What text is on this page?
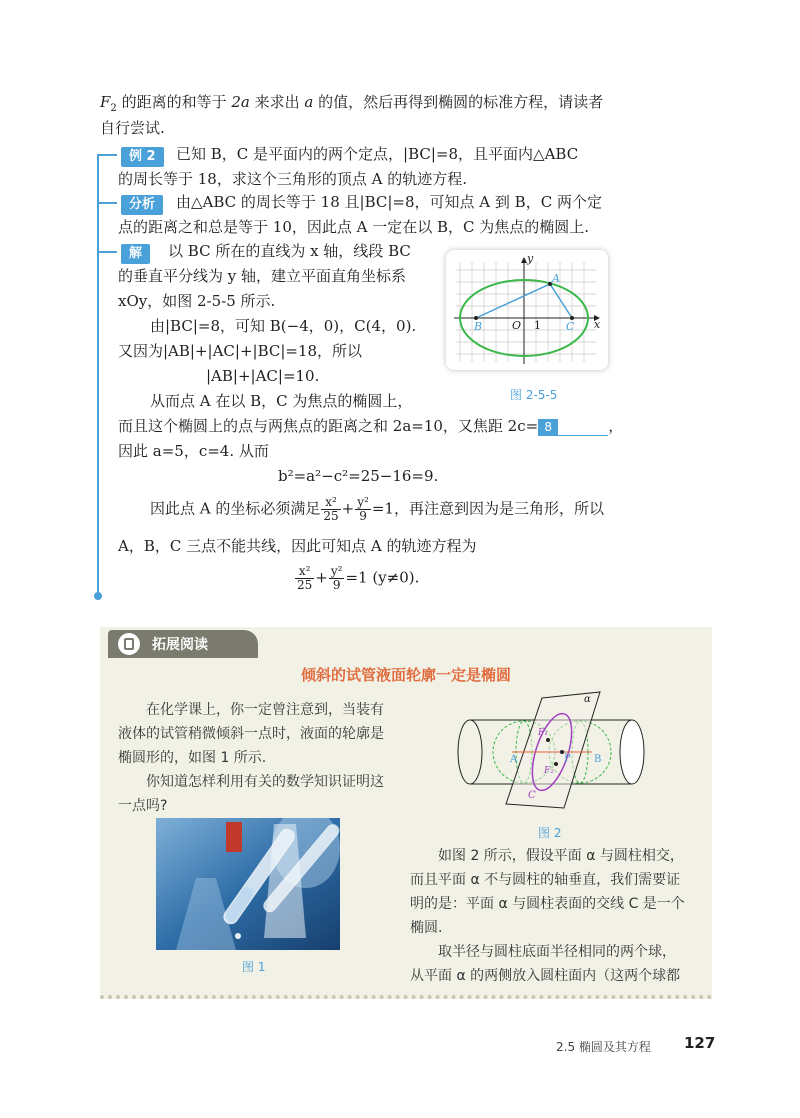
$F_2$ 的距离的和等于 2a 来求出 a 的值，然后再得到椭圆的标准方程，请读者
自行尝试.
例 2	已知 B，C 是平面内的两个定点，|BC|=8，且平面内△ABC
的周长等于 18，求这个三角形的顶点 A 的轨迹方程.
分析	由△ABC 的周长等于 18 且|BC|=8，可知点 A 到 B，C 两个定
点的距离之和总是等于 10，因此点 A 一定在以 B，C 为焦点的椭圆上.
解	以 BC 所在的直线为 x 轴，线段 BC
的垂直平分线为 y 轴，建立平面直角坐标系
xOy，如图 2-5-5 所示.
由|BC|=8，可知 B(−4，0)，C(4，0).
又因为|AB|+|AC|+|BC|=18，所以
|AB|+|AC|=10.
从而点 A 在以 B，C 为焦点的椭圆上，
而且这个椭圆上的点与两焦点的距离之和 2a=10，又焦距 2c= 8	，
因此 a=5，c=4. 从而
b²=a²−c²=25−16=9.
因此点 A 的坐标必须满足 $\frac{\text{x²}}{25} + \frac{\text{y²}}{9} =1$，再注意到因为是三角形，所以
A，B，C 三点不能共线，因此可知点 A 的轨迹方程为
$\frac{\text{x²}}{25} + \frac{\text{y²}}{9} =1$ (y≠0).
y
x
A
B	O 1 C
图 2-5-5
拓展阅读
倾斜的试管液面轮廓一定是椭圆
在化学课上，你一定曾注意到，当装有
液体的试管稍微倾斜一点时，液面的轮廓是
椭圆形的，如图 1 所示.
你知道怎样利用有关的数学知识证明这
一点吗?
图 1
α
A	B
P
C
F₁
F₂
图 2
如图 2 所示，假设平面 α 与圆柱相交，
而且平面 α 不与圆柱的轴垂直，我们需要证
明的是：平面 α 与圆柱表面的交线 C 是一个
椭圆.
取半径与圆柱底面半径相同的两个球，
从平面 α 的两侧放入圆柱面内（这两个球都
2.5 椭圆及其方程 127
